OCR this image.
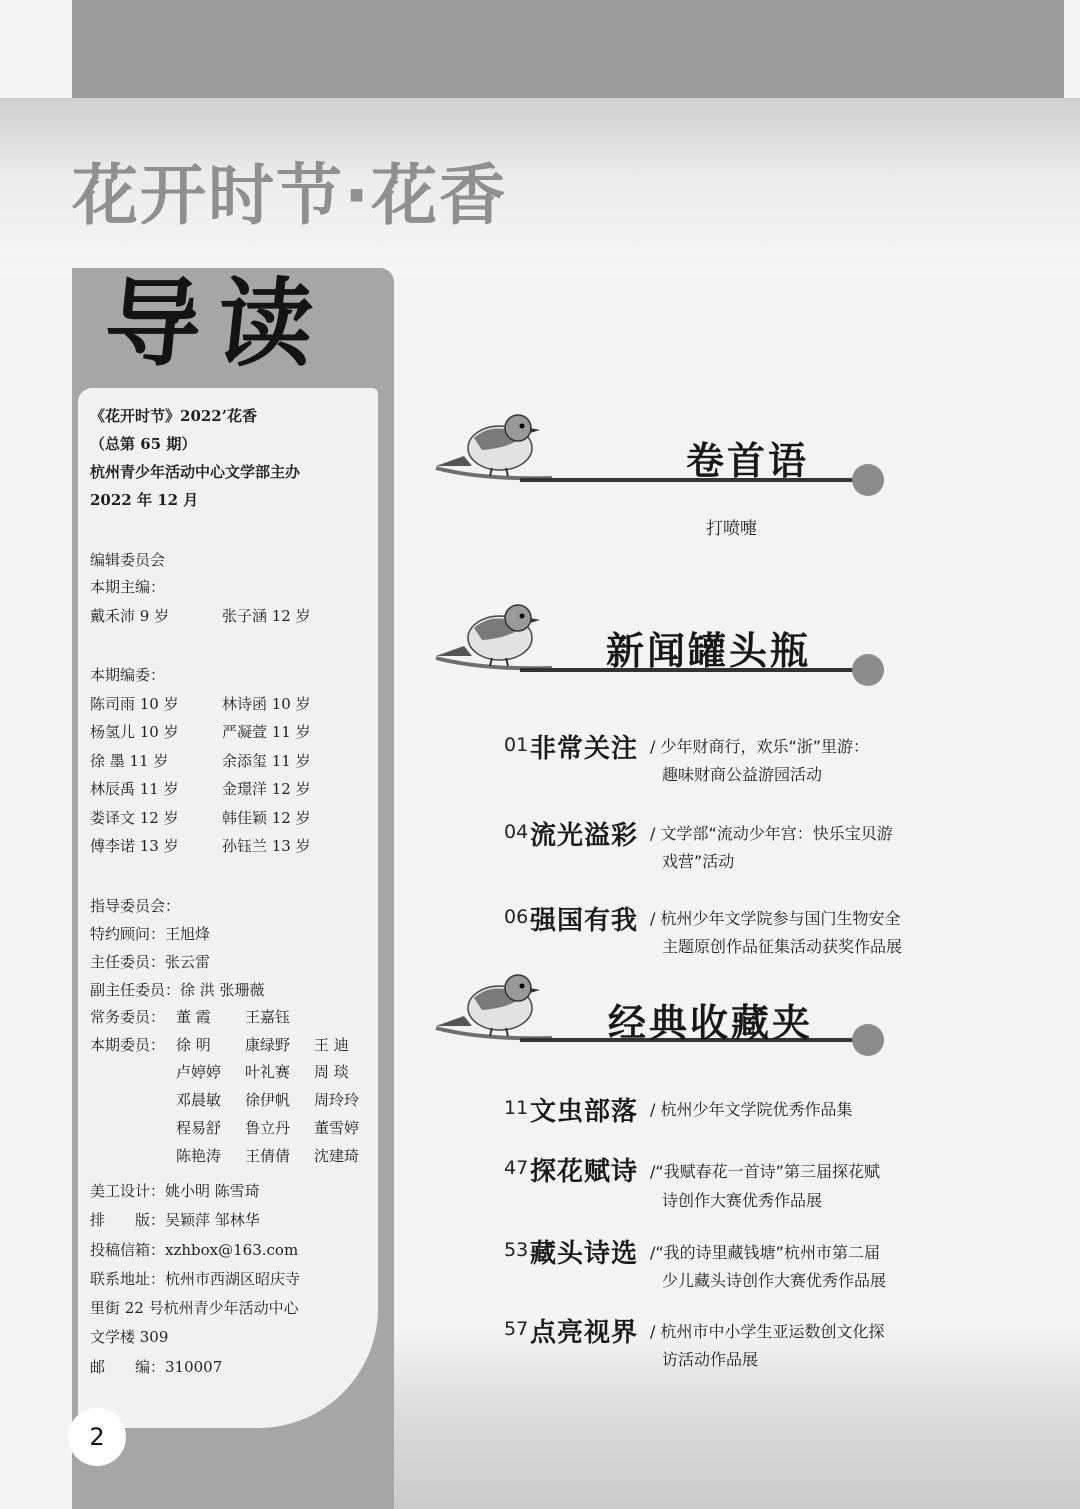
花开时节·花香
导读
《花开时节》2022’花香
（总第 65 期）
杭州青少年活动中心文学部主办
2022 年 12 月
编辑委员会
本期主编：
戴禾沛 9 岁	张子涵 12 岁
本期编委：
陈司雨 10 岁	林诗函 10 岁
杨氢儿 10 岁	严凝萱 11 岁
徐 墨 11 岁	余添玺 11 岁
林辰禹 11 岁	金璟洋 12 岁
娄译文 12 岁	韩佳颖 12 岁
傅李诺 13 岁	孙钰兰 13 岁
指导委员会：
特约顾问：王旭烽
主任委员：张云雷
副主任委员：徐 洪 张珊薇
常务委员： 董 霞 王嘉钰
本期委员： 徐 明 康绿野 王 迪
卢婷婷 叶礼赛 周 琰
邓晨敏 徐伊帆 周玲玲
程易舒 鲁立丹 董雪婷
陈艳涛 王倩倩 沈建琦
美工设计：姚小明 陈雪琦
排　　版：吴颖萍 邹林华
投稿信箱：xzhbox@163.com
联系地址：杭州市西湖区昭庆寺
里街 22 号杭州青少年活动中心
文学楼 309
邮　　编：310007
2
卷首语
打喷嚏
新闻罐头瓶
01 非常关注 / 少年财商行，欢乐“浙”里游：
趣味财商公益游园活动
04 流光溢彩 / 文学部“流动少年宫：快乐宝贝游
戏营”活动
06 强国有我 / 杭州少年文学院参与国门生物安全
主题原创作品征集活动获奖作品展
经典收藏夹
11 文虫部落 / 杭州少年文学院优秀作品集
47 探花赋诗 /“我赋春花一首诗”第三届探花赋
诗创作大赛优秀作品展
53 藏头诗选 /“我的诗里藏钱塘”杭州市第二届
少儿藏头诗创作大赛优秀作品展
57 点亮视界 / 杭州市中小学生亚运数创文化探
访活动作品展
